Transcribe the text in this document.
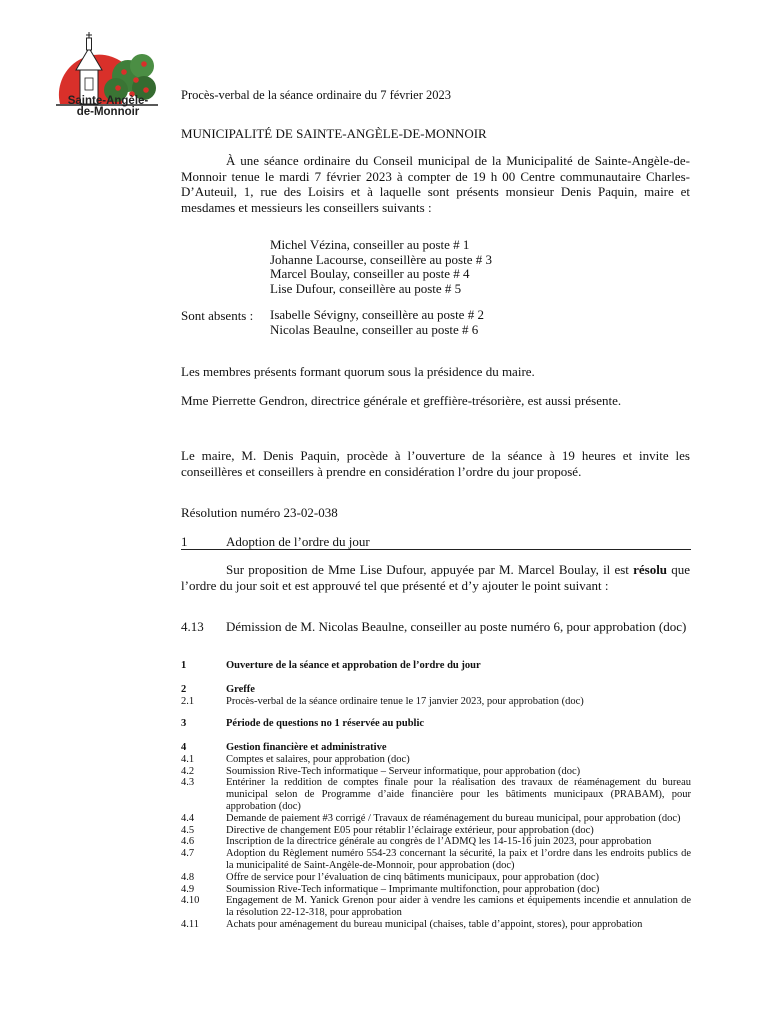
Sainte-Angèle-
de-Monnoir
Procès-verbal de la séance ordinaire du 7 février 2023
MUNICIPALITÉ DE SAINTE-ANGÈLE-DE-MONNOIR
À une séance ordinaire du Conseil municipal de la Municipalité de Sainte-Angèle-de-Monnoir tenue le mardi 7 février 2023 à compter de 19 h 00 Centre communautaire Charles-D’Auteuil, 1, rue des Loisirs et à laquelle sont présents monsieur Denis Paquin, maire et mesdames et messieurs les conseillers suivants :
Michel Vézina, conseiller au poste # 1
Johanne Lacourse, conseillère au poste # 3
Marcel Boulay, conseiller au poste # 4
Lise Dufour, conseillère au poste # 5
Sont absents : Isabelle Sévigny, conseillère au poste # 2
Nicolas Beaulne, conseiller au poste # 6
Les membres présents formant quorum sous la présidence du maire.
Mme Pierrette Gendron, directrice générale et greffière-trésorière, est aussi présente.
Le maire, M. Denis Paquin, procède à l’ouverture de la séance à 19 heures et invite les conseillères et conseillers à prendre en considération l’ordre du jour proposé.
Résolution numéro 23-02-038
1	Adoption de l’ordre du jour
Sur proposition de Mme Lise Dufour, appuyée par M. Marcel Boulay, il est résolu que l’ordre du jour soit et est approuvé tel que présenté et d’y ajouter le point suivant :
4.13 Démission de M. Nicolas Beaulne, conseiller au poste numéro 6, pour approbation (doc)
1	Ouverture de la séance et approbation de l’ordre du jour
2	Greffe
2.1	Procès-verbal de la séance ordinaire tenue le 17 janvier 2023, pour approbation (doc)
3	Période de questions no 1 réservée au public
4	Gestion financière et administrative
4.1	Comptes et salaires, pour approbation (doc)
4.2	Soumission Rive-Tech informatique – Serveur informatique, pour approbation (doc)
4.3	Entériner la reddition de comptes finale pour la réalisation des travaux de réaménagement du bureau municipal selon de Programme d’aide financière pour les bâtiments municipaux (PRABAM), pour approbation (doc)
4.4	Demande de paiement #3 corrigé / Travaux de réaménagement du bureau municipal, pour approbation (doc)
4.5	Directive de changement E05 pour rétablir l’éclairage extérieur, pour approbation (doc)
4.6	Inscription de la directrice générale au congrès de l’ADMQ les 14-15-16 juin 2023, pour approbation
4.7	Adoption du Règlement numéro 554-23 concernant la sécurité, la paix et l’ordre dans les endroits publics de la municipalité de Saint-Angèle-de-Monnoir, pour approbation (doc)
4.8	Offre de service pour l’évaluation de cinq bâtiments municipaux, pour approbation (doc)
4.9	Soumission Rive-Tech informatique – Imprimante multifonction, pour approbation (doc)
4.10	Engagement de M. Yanick Grenon pour aider à vendre les camions et équipements incendie et annulation de la résolution 22-12-318, pour approbation
4.11	Achats pour aménagement du bureau municipal (chaises, table d’appoint, stores), pour approbation
